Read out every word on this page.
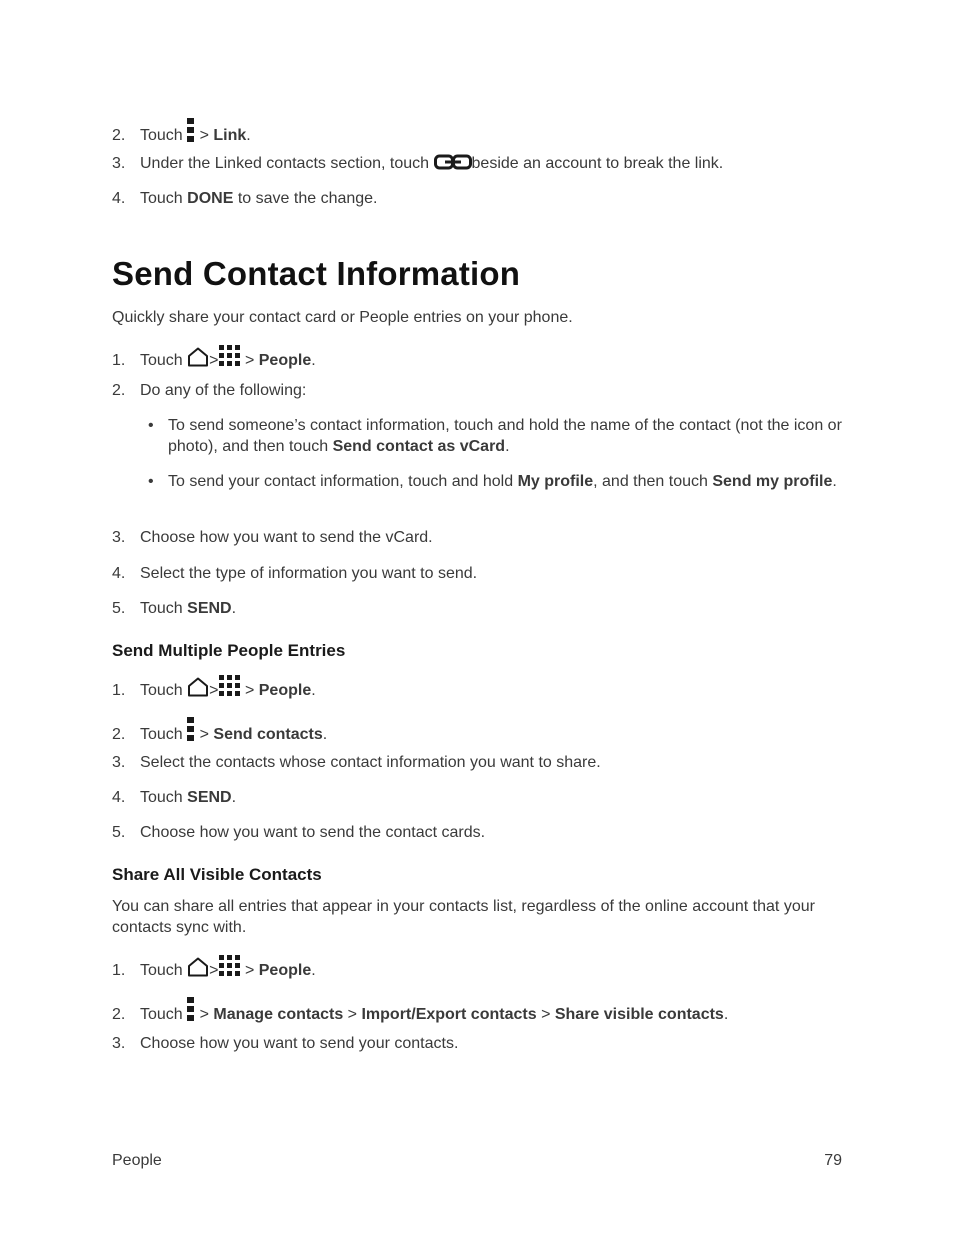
2. Touch > Link.
3. Under the Linked contacts section, touch	beside an account to break the link.
4. Touch DONE to save the change.
Send Contact Information
Quickly share your contact card or People entries on your phone.
1. Touch > > People.
2. Do any of the following:
• To send someone’s contact information, touch and hold the name of the contact (not the icon or photo), and then touch Send contact as vCard.
• To send your contact information, touch and hold My profile, and then touch Send my profile.
3. Choose how you want to send the vCard.
4. Select the type of information you want to send.
5. Touch SEND.
Send Multiple People Entries
1. Touch > > People.
2. Touch > Send contacts.
3. Select the contacts whose contact information you want to share.
4. Touch SEND.
5. Choose how you want to send the contact cards.
Share All Visible Contacts
You can share all entries that appear in your contacts list, regardless of the online account that your contacts sync with.
1. Touch > > People.
2. Touch > Manage contacts > Import/Export contacts > Share visible contacts.
3. Choose how you want to send your contacts.
People	79
